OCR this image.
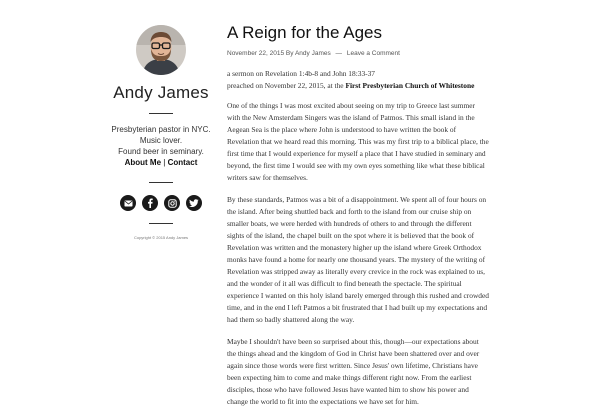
Andy James
Presbyterian pastor in NYC.
Music lover.
Found beer in seminary.
About Me | Contact
Copyright © 2015 Andy James
A Reign for the Ages
November 22, 2015 By Andy James — Leave a Comment

a sermon on Revelation 1:4b-8 and John 18:33-37
preached on November 22, 2015, at the First Presbyterian Church of Whitestone

One of the things I was most excited about seeing on my trip to Greece last summer with the New Amsterdam Singers was the island of Patmos. This small island in the Aegean Sea is the place where John is understood to have written the book of Revelation that we heard read this morning. This was my first trip to a biblical place, the first time that I would experience for myself a place that I have studied in seminary and beyond, the first time I would see with my own eyes something like what these biblical writers saw for themselves.

By these standards, Patmos was a bit of a disappointment. We spent all of four hours on the island. After being shuttled back and forth to the island from our cruise ship on smaller boats, we were herded with hundreds of others to and through the different sights of the island, the chapel built on the spot where it is believed that the book of Revelation was written and the monastery higher up the island where Greek Orthodox monks have found a home for nearly one thousand years. The mystery of the writing of Revelation was stripped away as literally every crevice in the rock was explained to us, and the wonder of it all was difficult to find beneath the spectacle. The spiritual experience I wanted on this holy island barely emerged through this rushed and crowded time, and in the end I left Patmos a bit frustrated that I had built up my expectations and had them so badly shattered along the way.

Maybe I shouldn't have been so surprised about this, though—our expectations about the things ahead and the kingdom of God in Christ have been shattered over and over again since those words were first written. Since Jesus' own lifetime, Christians have been expecting him to come and make things different right now. From the earliest disciples, those who have followed Jesus have wanted him to show his power and change the world to fit into the expectations we have set for him.
